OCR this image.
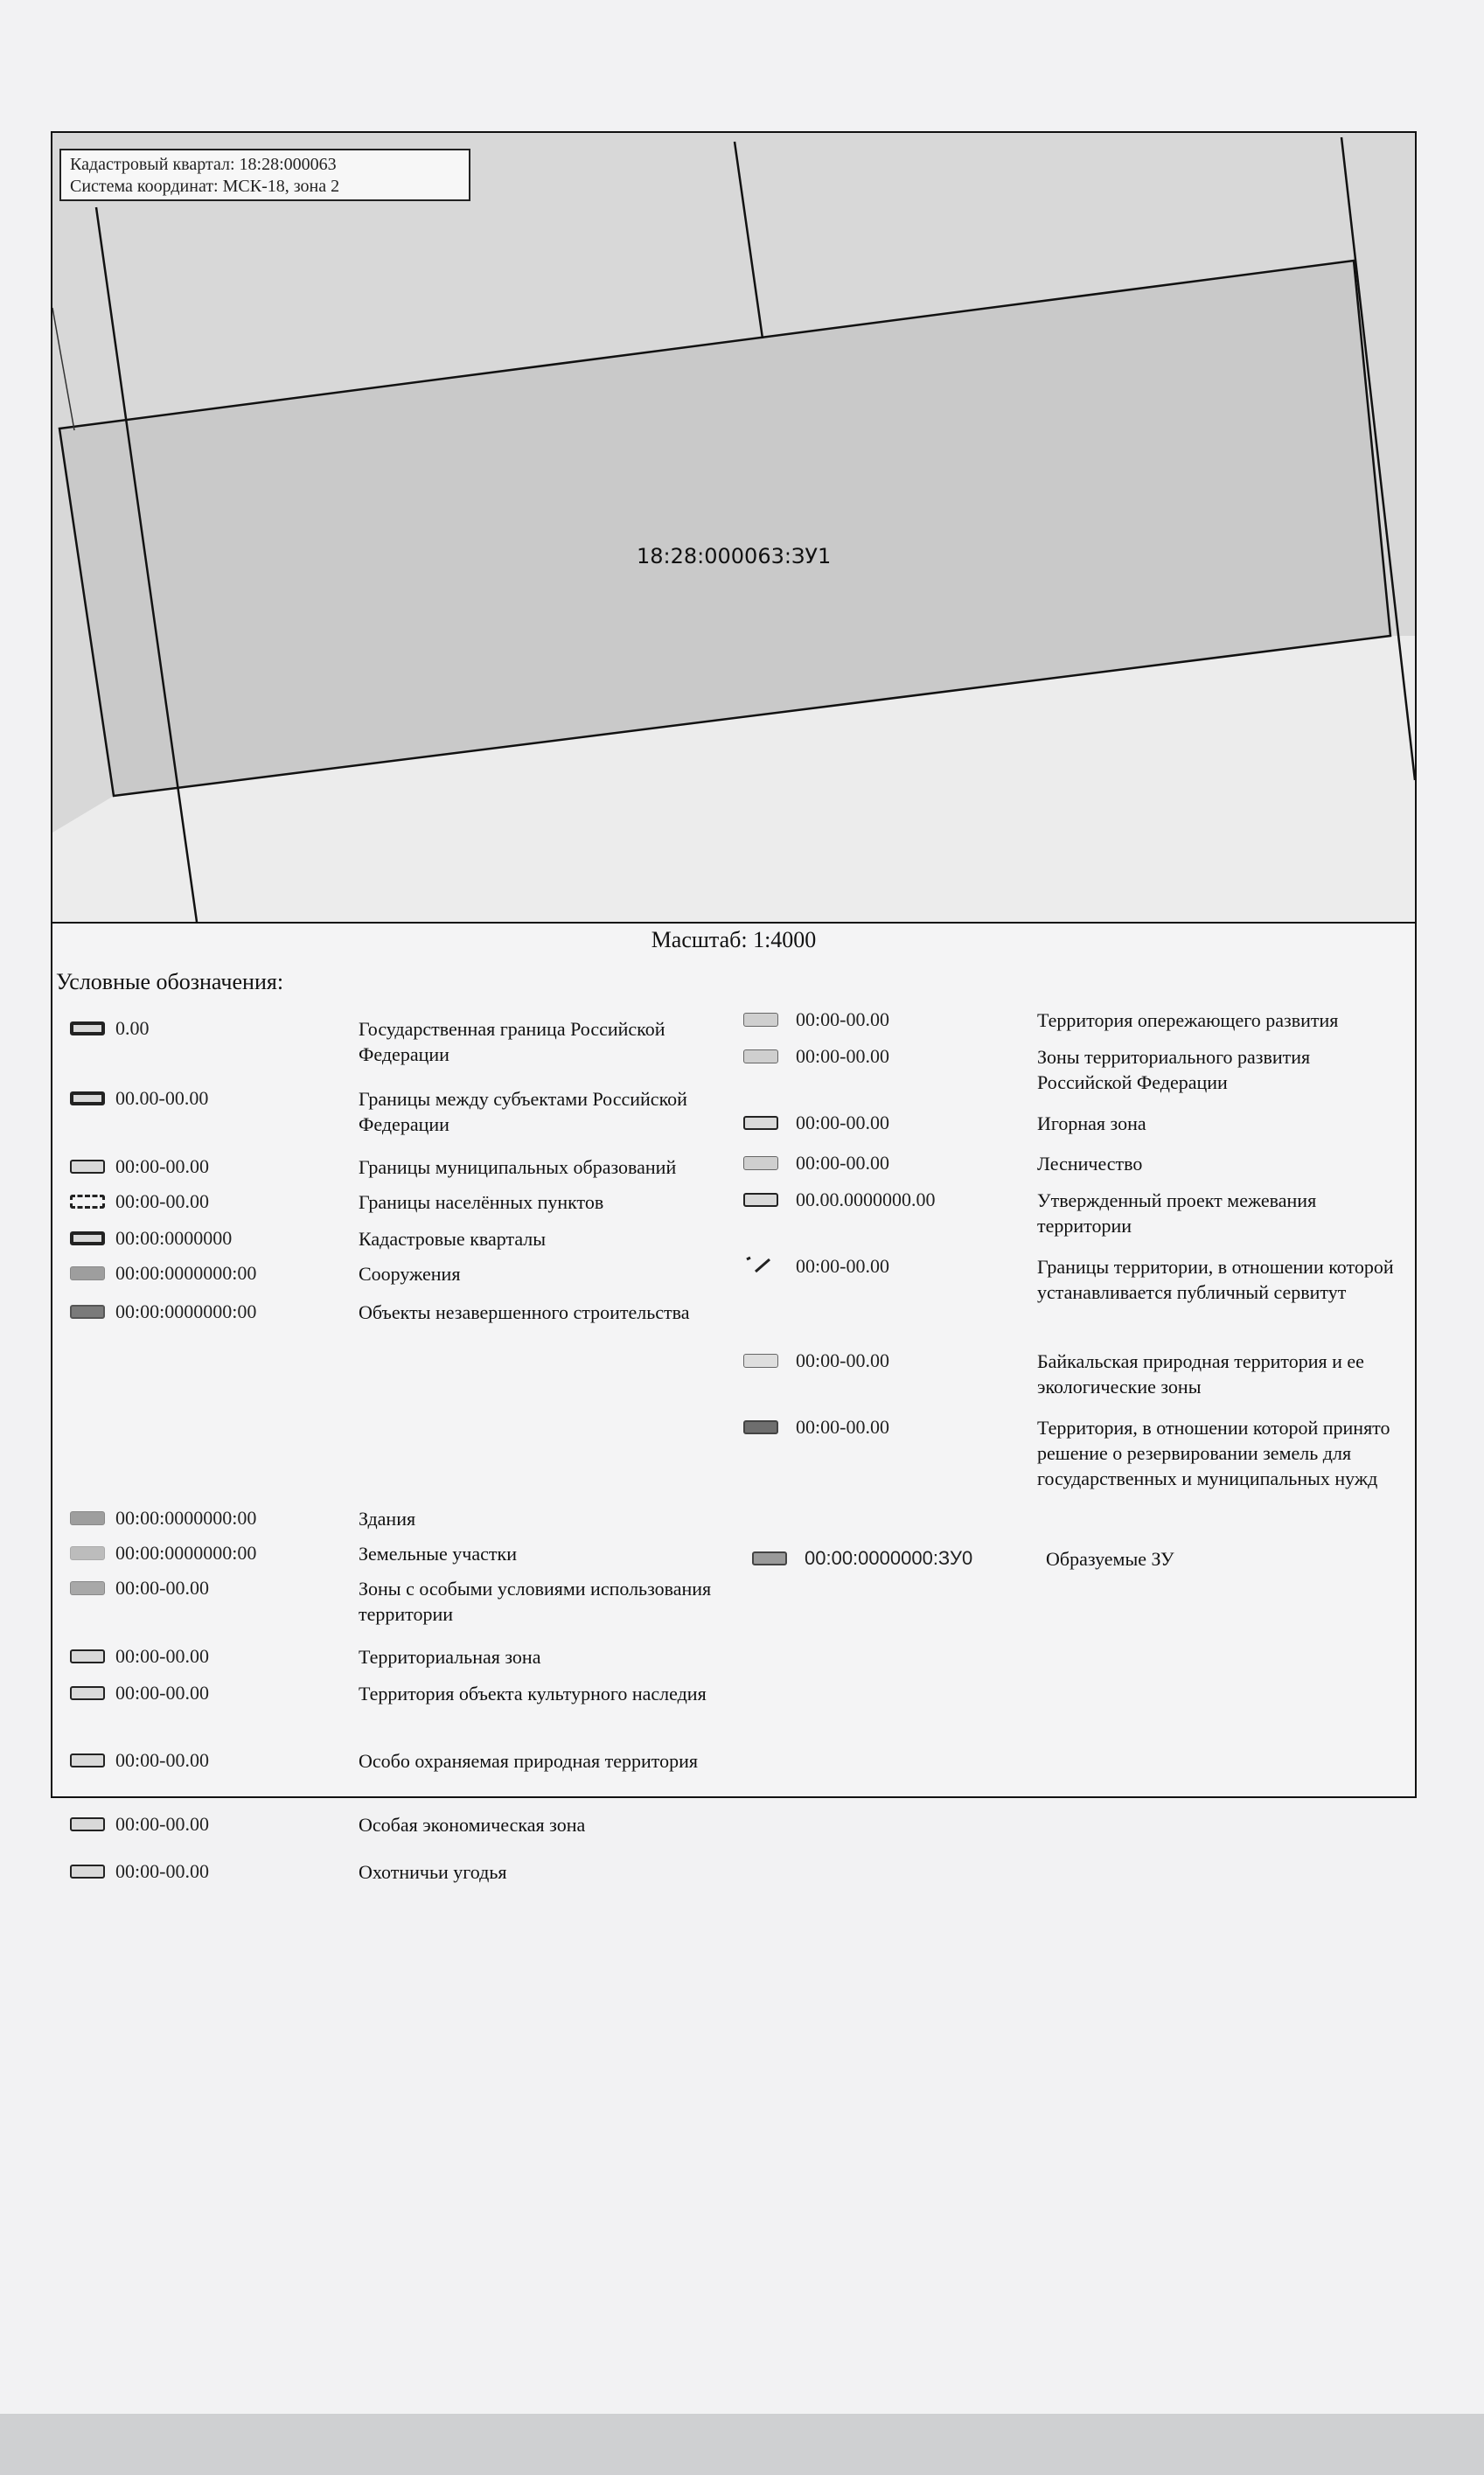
Кадастровый квартал: 18:28:000063
Система координат: МСК-18, зона 2
18:28:000063:ЗУ1
Масштаб: 1:4000
Условные обозначения:
0.00	Государственная граница Российской Федерации
00.00-00.00	Границы между субъектами Российской Федерации
00:00-00.00	Границы муниципальных образований
00:00-00.00	Границы населённых пунктов
00:00:0000000	Кадастровые кварталы
00:00:0000000:00	Сооружения
00:00:0000000:00	Объекты незавершенного строительства
00:00:0000000:00	Здания
00:00:0000000:00	Земельные участки
00:00-00.00	Зоны с особыми условиями использования территории
00:00-00.00	Территориальная зона
00:00-00.00	Территория объекта культурного наследия
00:00-00.00	Особо охраняемая природная территория
00:00-00.00	Особая экономическая зона
00:00-00.00	Охотничьи угодья
00:00-00.00	Территория опережающего развития
00:00-00.00	Зоны территориального развития Российской Федерации
00:00-00.00	Игорная зона
00:00-00.00	Лесничество
00.00.0000000.00	Утвержденный проект межевания территории
00:00-00.00	Границы территории, в отношении которой устанавливается публичный сервитут
00:00-00.00	Байкальская природная территория и ее экологические зоны
00:00-00.00	Территория, в отношении которой принято решение о резервировании земель для государственных и муниципальных нужд
00:00:0000000:ЗУ0	Образуемые ЗУ
